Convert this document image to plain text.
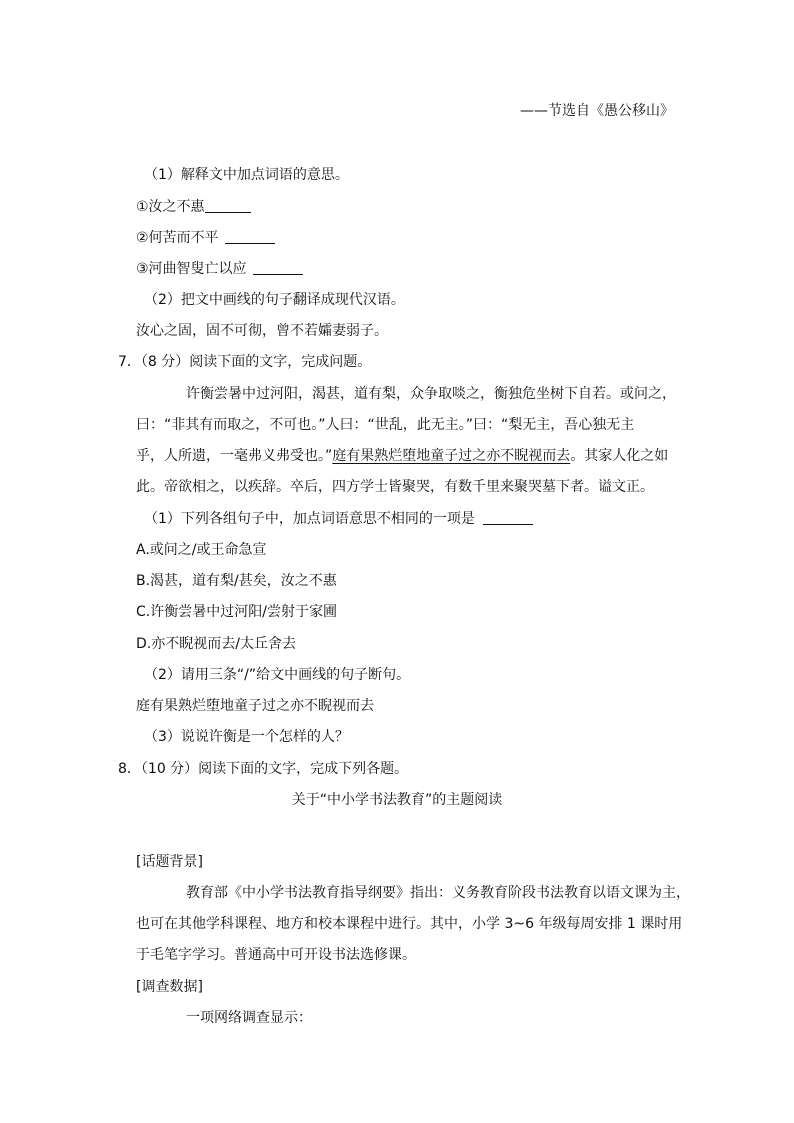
——节选自《愚公移山》
（1）解释文中加点词语的意思。
①汝之不惠
②何苦而不平
③河曲智叟亡以应
（2）把文中画线的句子翻译成现代汉语。
汝心之固，固不可彻，曾不若孀妻弱子。
7．（8 分）阅读下面的文字，完成问题。
许衡尝暑中过河阳，渴甚，道有梨，众争取啖之，衡独危坐树下自若。或问之，
曰：“非其有而取之，不可也。”人曰：“世乱，此无主。”曰：“梨无主，吾心独无主
乎，人所遗，一毫弗义弗受也。”庭有果熟烂堕地童子过之亦不睨视而去。其家人化之如
此。帝欲相之，以疾辞。卒后，四方学士皆聚哭，有数千里来聚哭墓下者。谥文正。
（1）下列各组句子中，加点词语意思不相同的一项是
A.或问之/或王命急宣
B.渴甚，道有梨/甚矣，汝之不惠
C.许衡尝暑中过河阳/尝射于家圃
D.亦不睨视而去/太丘舍去
（2）请用三条“/”给文中画线的句子断句。
庭有果熟烂堕地童子过之亦不睨视而去
（3）说说许衡是一个怎样的人？
8．（10 分）阅读下面的文字，完成下列各题。
关于“中小学书法教育”的主题阅读
[话题背景]
教育部《中小学书法教育指导纲要》指出：义务教育阶段书法教育以语文课为主，
也可在其他学科课程、地方和校本课程中进行。其中，小学 3~6 年级每周安排 1 课时用
于毛笔字学习。普通高中可开设书法选修课。
[调查数据]
一项网络调查显示：
